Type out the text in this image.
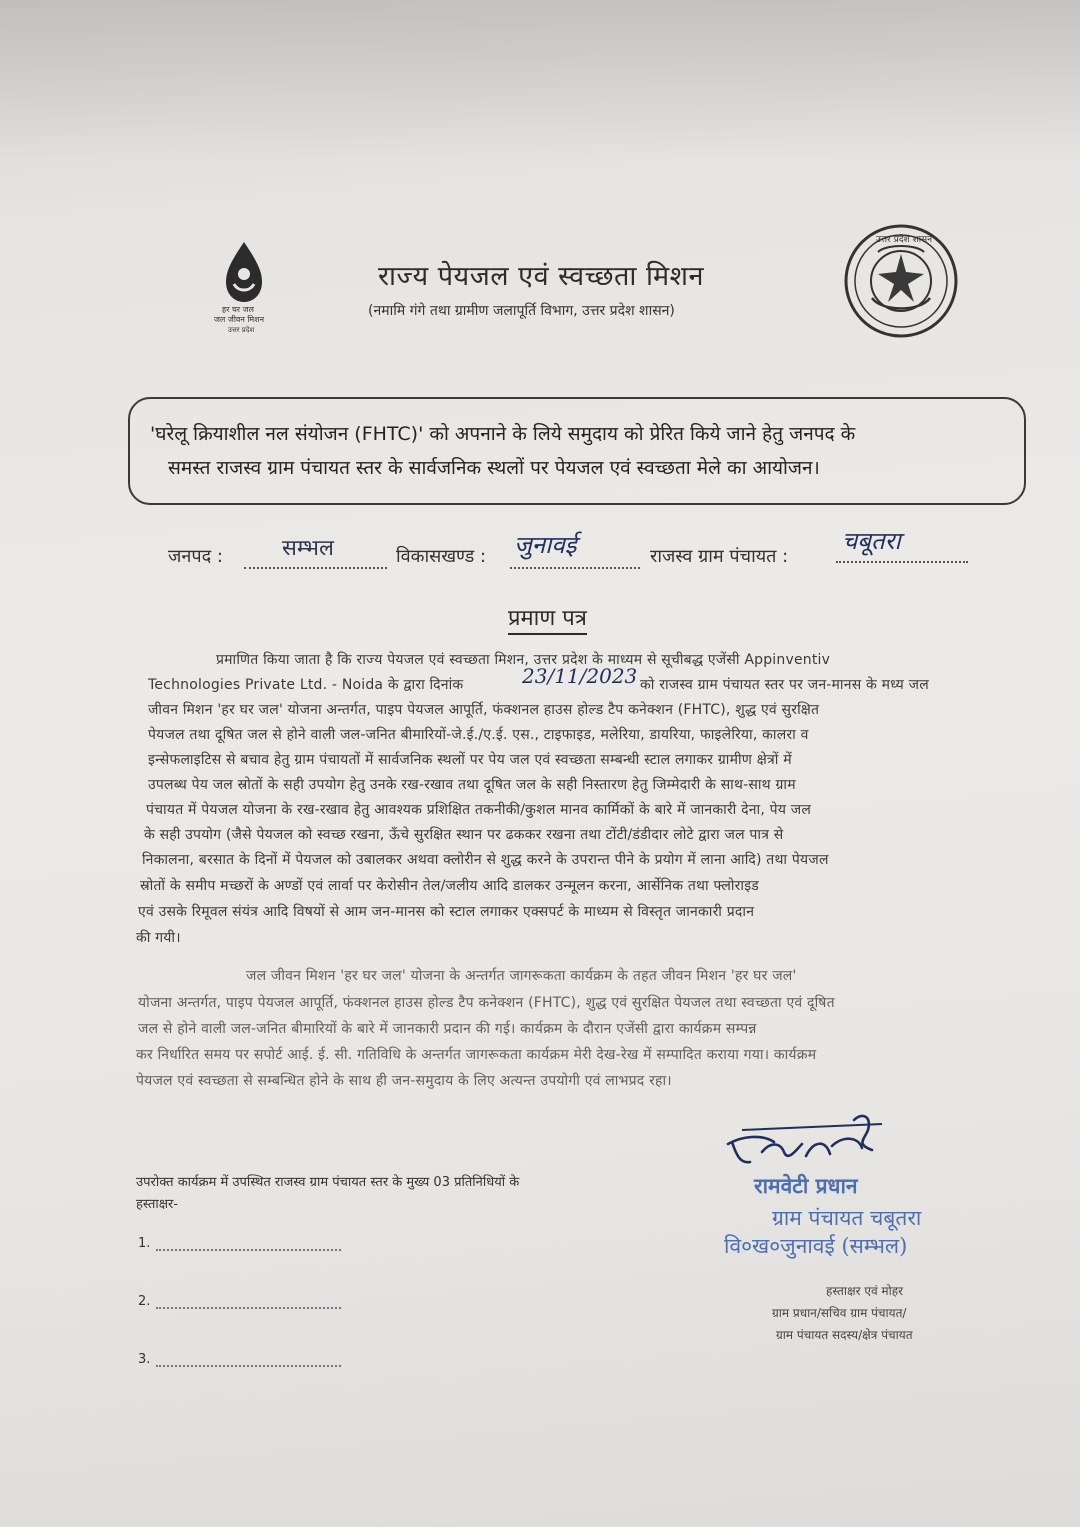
हर घर जल
जल जीवन मिशन
उत्तर प्रदेश
राज्य पेयजल एवं स्वच्छता मिशन
(नमामि गंगे तथा ग्रामीण जलापूर्ति विभाग, उत्तर प्रदेश शासन)
उत्तर प्रदेश शासन
'घरेलू क्रियाशील नल संयोजन (FHTC)' को अपनाने के लिये समुदाय को प्रेरित किये जाने हेतु जनपद के
समस्त राजस्व ग्राम पंचायत स्तर के सार्वजनिक स्थलों पर पेयजल एवं स्वच्छता मेले का आयोजन।
जनपद :	सम्भल	विकासखण्ड : जुनावई	राजस्व ग्राम पंचायत :
चबूतरा
प्रमाण पत्र
प्रमाणित किया जाता है कि राज्य पेयजल एवं स्वच्छता मिशन, उत्तर प्रदेश के माध्यम से सूचीबद्ध एजेंसी Appinventiv
Technologies Private Ltd. - Noida के द्वारा दिनांक	23/11/2023 को राजस्व ग्राम पंचायत स्तर पर जन-मानस के मध्य जल
जीवन मिशन 'हर घर जल' योजना अन्तर्गत, पाइप पेयजल आपूर्ति, फंक्शनल हाउस होल्ड टैप कनेक्शन (FHTC), शुद्ध एवं सुरक्षित
पेयजल तथा दूषित जल से होने वाली जल-जनित बीमारियों-जे.ई./ए.ई. एस., टाइफाइड, मलेरिया, डायरिया, फाइलेरिया, कालरा व
इन्सेफलाइटिस से बचाव हेतु ग्राम पंचायतों में सार्वजनिक स्थलों पर पेय जल एवं स्वच्छता सम्बन्धी स्टाल लगाकर ग्रामीण क्षेत्रों में
उपलब्ध पेय जल स्रोतों के सही उपयोग हेतु उनके रख-रखाव तथा दूषित जल के सही निस्तारण हेतु जिम्मेदारी के साथ-साथ ग्राम
पंचायत में पेयजल योजना के रख-रखाव हेतु आवश्यक प्रशिक्षित तकनीकी/कुशल मानव कार्मिकों के बारे में जानकारी देना, पेय जल
के सही उपयोग (जैसे पेयजल को स्वच्छ रखना, ऊँचे सुरक्षित स्थान पर ढककर रखना तथा टोंटी/डंडीदार लोटे द्वारा जल पात्र से
निकालना, बरसात के दिनों में पेयजल को उबालकर अथवा क्लोरीन से शुद्ध करने के उपरान्त पीने के प्रयोग में लाना आदि) तथा पेयजल
स्रोतों के समीप मच्छरों के अण्डों एवं लार्वा पर केरोसीन तेल/जलीय आदि डालकर उन्मूलन करना, आर्सेनिक तथा फ्लोराइड
एवं उसके रिमूवल संयंत्र आदि विषयों से आम जन-मानस को स्टाल लगाकर एक्सपर्ट के माध्यम से विस्तृत जानकारी प्रदान
की गयी।
जल जीवन मिशन 'हर घर जल' योजना के अन्तर्गत जागरूकता कार्यक्रम के तहत जीवन मिशन 'हर घर जल'
योजना अन्तर्गत, पाइप पेयजल आपूर्ति, फंक्शनल हाउस होल्ड टैप कनेक्शन (FHTC), शुद्ध एवं सुरक्षित पेयजल तथा स्वच्छता एवं दूषित
जल से होने वाली जल-जनित बीमारियों के बारे में जानकारी प्रदान की गई। कार्यक्रम के दौरान एजेंसी द्वारा कार्यक्रम सम्पन्न
कर निर्धारित समय पर सपोर्ट आई. ई. सी. गतिविधि के अन्तर्गत जागरूकता कार्यक्रम मेरी देख-रेख में सम्पादित कराया गया। कार्यक्रम
पेयजल एवं स्वच्छता से सम्बन्धित होने के साथ ही जन-समुदाय के लिए अत्यन्त उपयोगी एवं लाभप्रद रहा।
रामवेटी प्रधान
ग्राम पंचायत चबूतरा
वि०ख०जुनावई (सम्भल)
उपरोक्त कार्यक्रम में उपस्थित राजस्व ग्राम पंचायत स्तर के मुख्य 03 प्रतिनिधियों के
हस्ताक्षर-
1.
2.
3.
हस्ताक्षर एवं मोहर
ग्राम प्रधान/सचिव ग्राम पंचायत/
ग्राम पंचायत सदस्य/क्षेत्र पंचायत
